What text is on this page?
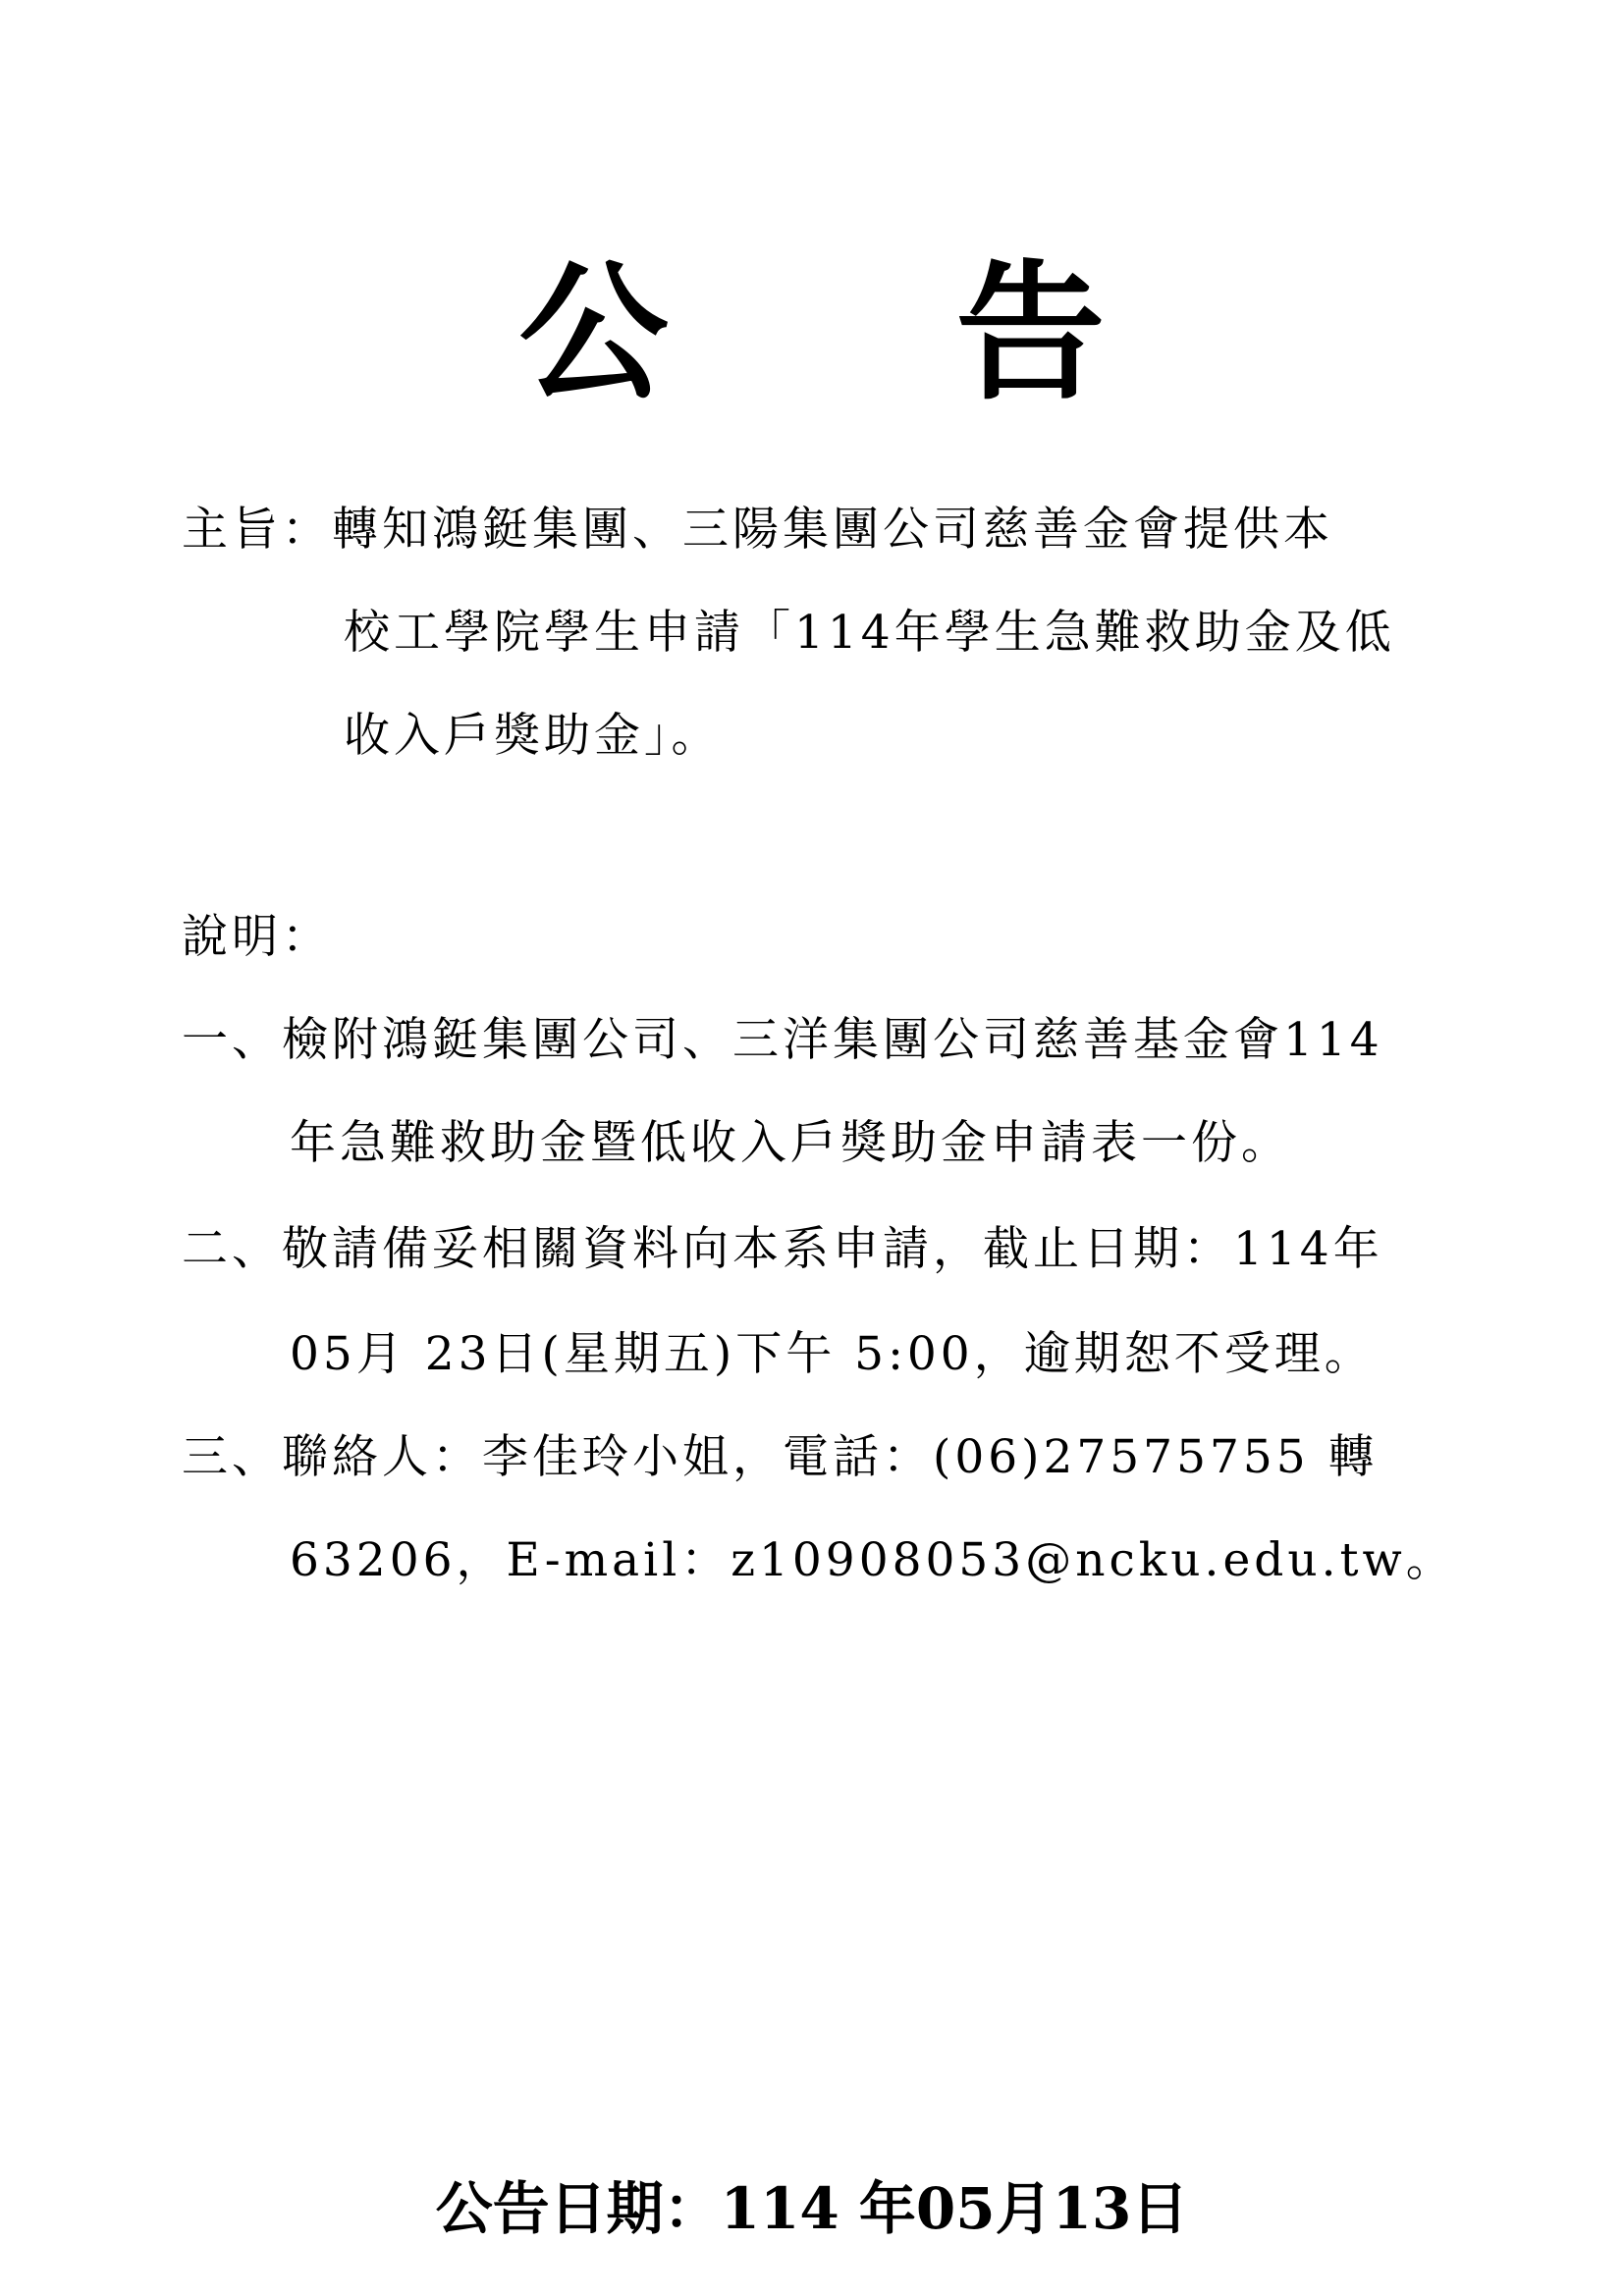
公 告
主旨：轉知鴻鋌集團、三陽集團公司慈善金會提供本
校工學院學生申請「114年學生急難救助金及低
收入戶獎助金」。
說明：
一、檢附鴻鋌集團公司、三洋集團公司慈善基金會114
年急難救助金暨低收入戶獎助金申請表一份。
二、敬請備妥相關資料向本系申請，截止日期：114年
05月 23日(星期五)下午 5:00，逾期恕不受理。
三、聯絡人：李佳玲小姐，電話：(06)27575755 轉
63206，E-mail：z10908053@ncku.edu.tw。
公告日期：114 年05月13日
